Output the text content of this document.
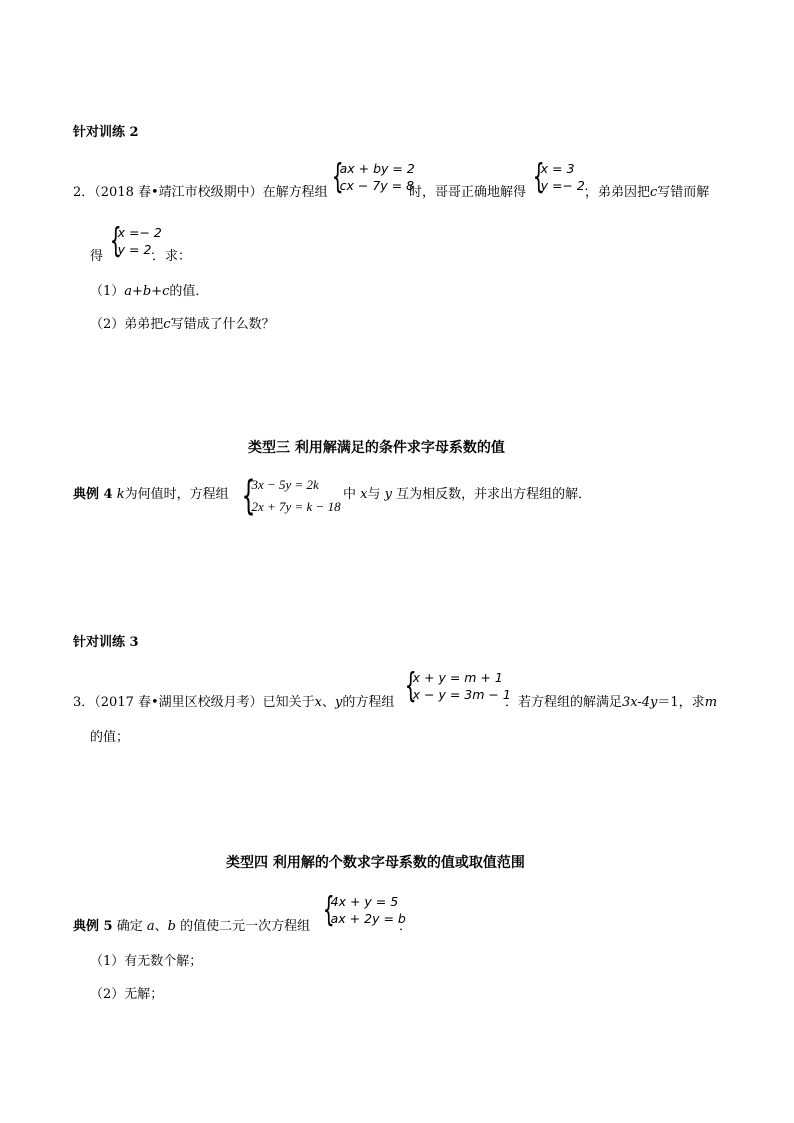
针对训练 2
2．（2018 春•靖江市校级期中）在解方程组 {
ax + by = 2
cx − 7y = 8
时，哥哥正确地解得 {
x = 3
y =− 2.
，弟弟因把c写错而解
得 {
x =− 2
y = 2.
．求：
（1）a+b+c的值．
（2）弟弟把c写错成了什么数？
类型三 利用解满足的条件求字母系数的值
典例 4 k为何值时，方程组 {
3x − 5y = 2k
2x + 7y = k − 18
中 x与 y 互为相反数，并求出方程组的解．
针对训练 3
3．（2017 春•湖里区校级月考）已知关于x、y的方程组 {
x + y = m + 1
x − y = 3m − 1
．若方程组的解满足3x-4y＝1，求m
的值；
类型四 利用解的个数求字母系数的值或取值范围
典例 5 确定 a、b 的值使二元一次方程组 {
4x + y = 5
ax + 2y = b
．
（1）有无数个解；
（2）无解；
